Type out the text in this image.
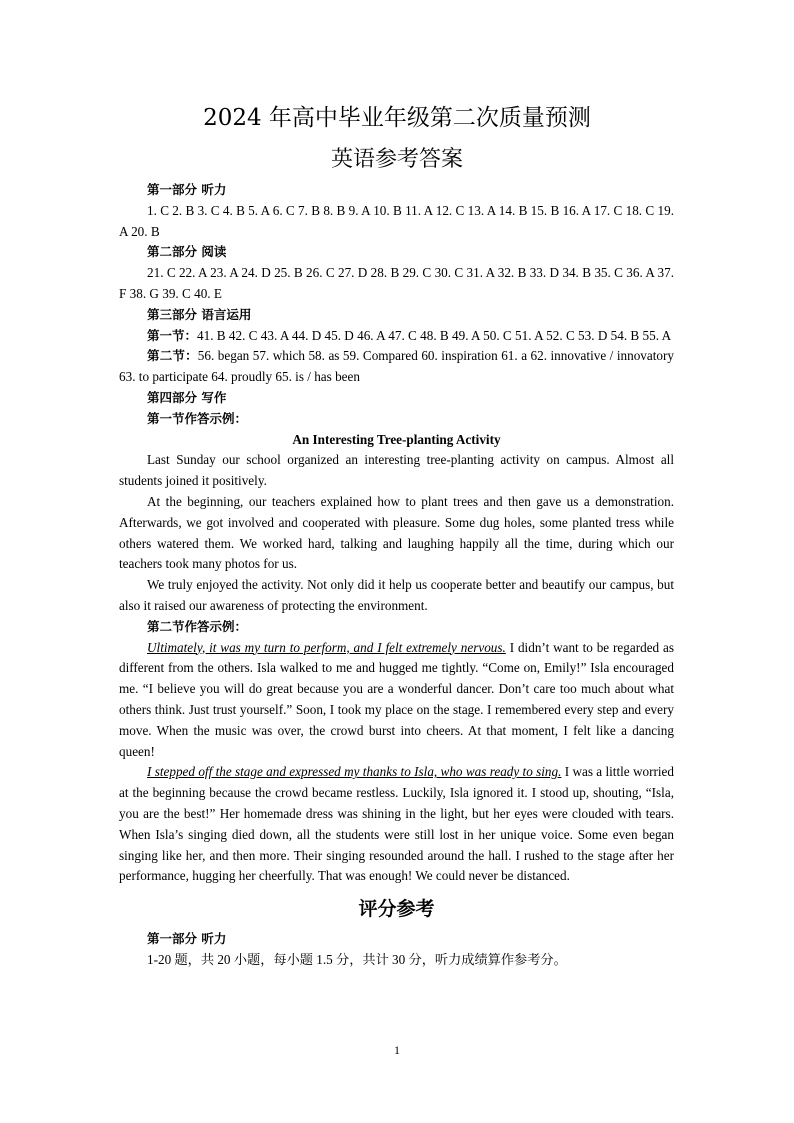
2024 年高中毕业年级第二次质量预测
英语参考答案

第一部分 听力

1. C 2. B 3. C 4. B 5. A 6. C 7. B 8. B 9. A 10. B 11. A 12. C 13. A 14. B 15. B 16. A 17. C 18. C 19. A 20. B

第二部分 阅读

21. C 22. A 23. A 24. D 25. B 26. C 27. D 28. B 29. C 30. C 31. A 32. B 33. D 34. B 35. C 36. A 37. F 38. G 39. C 40. E

第三部分 语言运用

第一节：41. B 42. C 43. A 44. D 45. D 46. A 47. C 48. B 49. A 50. C 51. A 52. C 53. D 54. B 55. A

第二节：56. began 57. which 58. as 59. Compared 60. inspiration 61. a 62. innovative / innovatory 63. to participate 64. proudly 65. is / has been

第四部分 写作

第一节作答示例：

An Interesting Tree-planting Activity

Last Sunday our school organized an interesting tree-planting activity on campus. Almost all students joined it positively.

At the beginning, our teachers explained how to plant trees and then gave us a demonstration. Afterwards, we got involved and cooperated with pleasure. Some dug holes, some planted tress while others watered them. We worked hard, talking and laughing happily all the time, during which our teachers took many photos for us.

We truly enjoyed the activity. Not only did it help us cooperate better and beautify our campus, but also it raised our awareness of protecting the environment.

第二节作答示例：

Ultimately, it was my turn to perform, and I felt extremely nervous. I didn’t want to be regarded as different from the others. Isla walked to me and hugged me tightly. “Come on, Emily!” Isla encouraged me. “I believe you will do great because you are a wonderful dancer. Don’t care too much about what others think. Just trust yourself.” Soon, I took my place on the stage. I remembered every step and every move. When the music was over, the crowd burst into cheers. At that moment, I felt like a dancing queen!

I stepped off the stage and expressed my thanks to Isla, who was ready to sing. I was a little worried at the beginning because the crowd became restless. Luckily, Isla ignored it. I stood up, shouting, “Isla, you are the best!” Her homemade dress was shining in the light, but her eyes were clouded with tears. When Isla’s singing died down, all the students were still lost in her unique voice. Some even began singing like her, and then more. Their singing resounded around the hall. I rushed to the stage after her performance, hugging her cheerfully. That was enough! We could never be distanced.

评分参考

第一部分 听力

1-20 题，共 20 小题，每小题 1.5 分，共计 30 分，听力成绩算作参考分。

1
